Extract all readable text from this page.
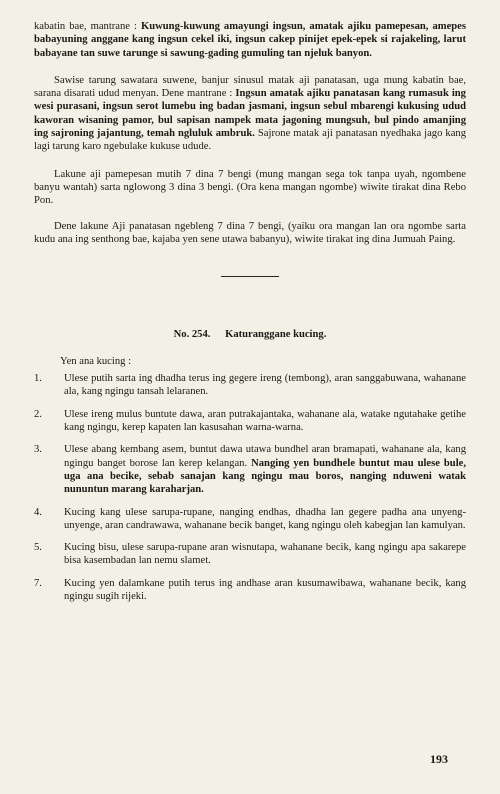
kabatin bae, mantrane : Kuwung-kuwung amayungi ingsun, amatak ajiku pamepesan, amepes babayuning anggane kang ingsun cekel iki, ingsun cakep pinijet epek-epek si rajakeling, larut babayane tan suwe tarunge si sawung-gading gumuling tan njeluk banyon.

Sawise tarung sawatara suwene, banjur sinusul matak aji panatasan, uga mung kabatin bae, sarana disarati udud menyan. Dene mantrane : Ingsun amatak ajiku panatasan kang rumasuk ing wesi purasani, ingsun serot lumebu ing badan jasmani, ingsun sebul mbarengi kukusing udud kaworan wisaning pamor, bul sapisan nampek mata jagoning mungsuh, bul pindo amanjing ing sajroning jajantung, temah ngluluk ambruk. Sajrone matak aji panatasan nyedhaka jago kang lagi tarung karo ngebulake kukuse udude.

Lakune aji pamepesan mutih 7 dina 7 bengi (mung mangan sega tok tanpa uyah, ngombene banyu wantah) sarta nglowong 3 dina 3 bengi. (Ora kena mangan ngombe) wiwite tirakat dina Rebo Pon.

Dene lakune Aji panatasan ngebleng 7 dina 7 bengi, (yaiku ora mangan lan ora ngombe sarta kudu ana ing senthong bae, kajaba yen sene utawa babanyu), wiwite tirakat ing dina Jumuah Paing.

No. 254. Katuranggane kucing.
Yen ana kucing :
1.	Ulese putih sarta ing dhadha terus ing gegere ireng (tembong), aran sanggabuwana, wahanane ala, kang ngingu tansah lelaranen.
2.	Ulese ireng mulus buntute dawa, aran putrakajantaka, wahanane ala, watake ngutahake getihe kang ngingu, kerep kapaten lan kasusahan warna-warna.
3.	Ulese abang kembang asem, buntut dawa utawa bundhel aran bramapati, wahanane ala, kang ngingu banget borose lan kerep kelangan. Nanging yen bundhele buntut mau ulese bule, uga ana becike, sebab sanajan kang ngingu mau boros, nanging nduweni watak nununtun marang karaharjan.
4.	Kucing kang ulese sarupa-rupane, nanging endhas, dhadha lan gegere padha ana unyeng-unyenge, aran candrawawa, wahanane becik banget, kang ngingu oleh kabegjan lan kamulyan.
5.	Kucing bisu, ulese sarupa-rupane aran wisnutapa, wahanane becik, kang ngingu apa sakarepe bisa kasembadan lan nemu slamet.
7.	Kucing yen dalamkane putih terus ing andhase aran kusumawibawa, wahanane becik, kang ngingu sugih rijeki.
193
